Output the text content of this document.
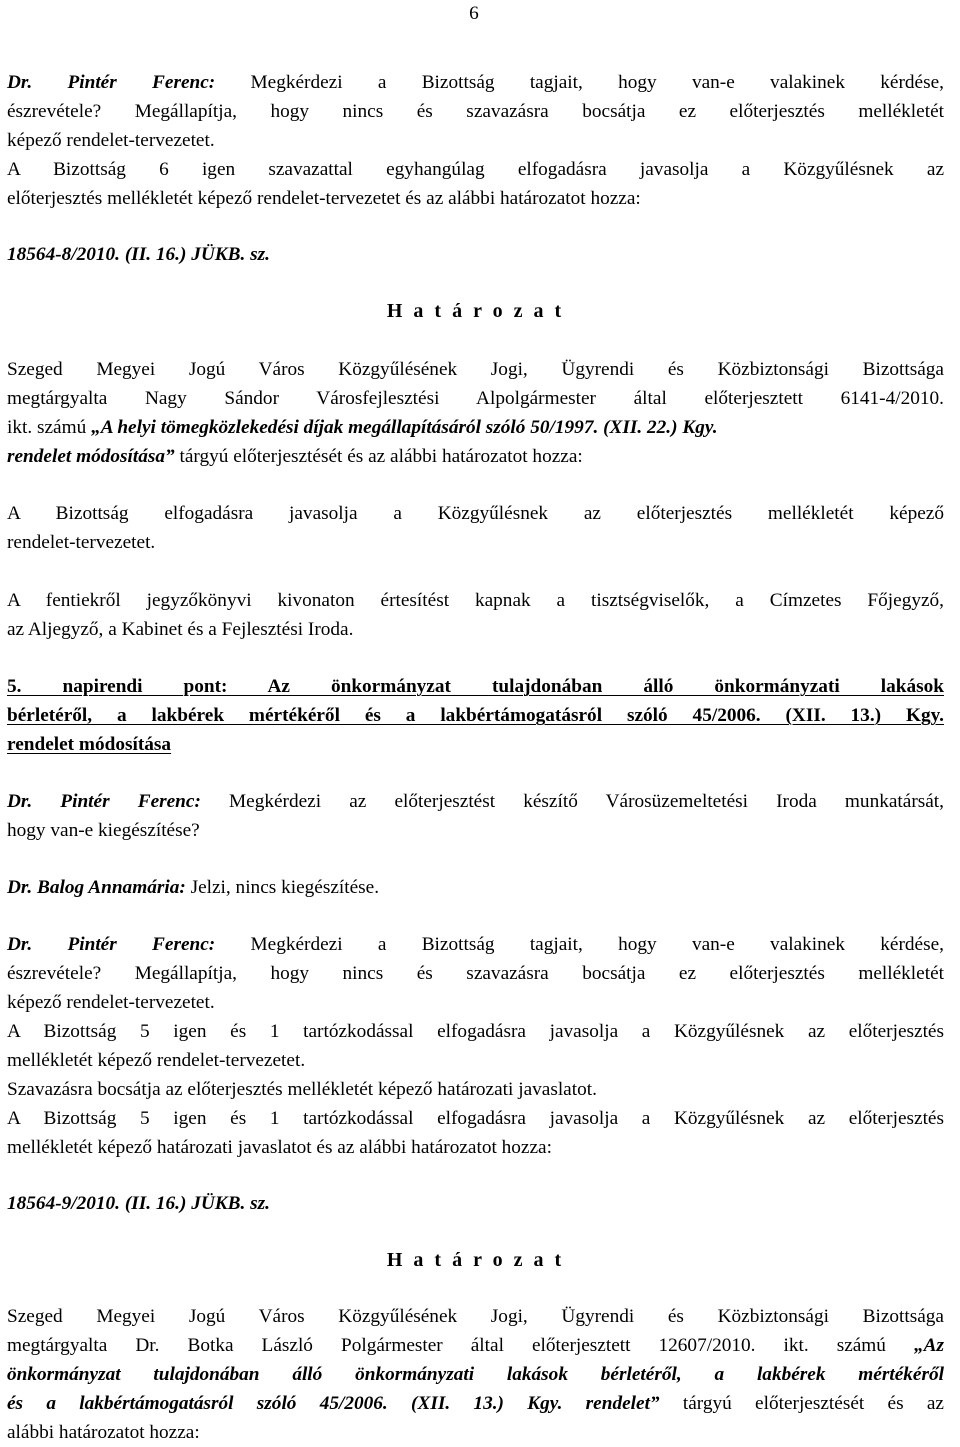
6
Dr. Pintér Ferenc: Megkérdezi a Bizottság tagjait, hogy van-e valakinek kérdése,
észrevétele? Megállapítja, hogy nincs és szavazásra bocsátja ez előterjesztés mellékletét
képező rendelet-tervezetet.
A Bizottság 6 igen szavazattal egyhangúlag elfogadásra javasolja a Közgyűlésnek az
előterjesztés mellékletét képező rendelet-tervezetet és az alábbi határozatot hozza:
18564-8/2010. (II. 16.) JÜKB. sz.
H a t á r o z a t
Szeged Megyei Jogú Város Közgyűlésének Jogi, Ügyrendi és Közbiztonsági Bizottsága
megtárgyalta Nagy Sándor Városfejlesztési Alpolgármester által előterjesztett 6141-4/2010.
ikt. számú „A helyi tömegközlekedési díjak megállapításáról szóló 50/1997. (XII. 22.) Kgy.
rendelet módosítása” tárgyú előterjesztését és az alábbi határozatot hozza:
A Bizottság elfogadásra javasolja a Közgyűlésnek az előterjesztés mellékletét képező
rendelet-tervezetet.
A fentiekről jegyzőkönyvi kivonaton értesítést kapnak a tisztségviselők, a Címzetes Főjegyző,
az Aljegyző, a Kabinet és a Fejlesztési Iroda.
5. napirendi pont: Az önkormányzat tulajdonában álló önkormányzati lakások
bérletéről, a lakbérek mértékéről és a lakbértámogatásról szóló 45/2006. (XII. 13.) Kgy.
rendelet módosítása
Dr. Pintér Ferenc: Megkérdezi az előterjesztést készítő Városüzemeltetési Iroda munkatársát,
hogy van-e kiegészítése?
Dr. Balog Annamária: Jelzi, nincs kiegészítése.
Dr. Pintér Ferenc: Megkérdezi a Bizottság tagjait, hogy van-e valakinek kérdése,
észrevétele? Megállapítja, hogy nincs és szavazásra bocsátja ez előterjesztés mellékletét
képező rendelet-tervezetet.
A Bizottság 5 igen és 1 tartózkodással elfogadásra javasolja a Közgyűlésnek az előterjesztés
mellékletét képező rendelet-tervezetet.
Szavazásra bocsátja az előterjesztés mellékletét képező határozati javaslatot.
A Bizottság 5 igen és 1 tartózkodással elfogadásra javasolja a Közgyűlésnek az előterjesztés
mellékletét képező határozati javaslatot és az alábbi határozatot hozza:
18564-9/2010. (II. 16.) JÜKB. sz.
H a t á r o z a t
Szeged Megyei Jogú Város Közgyűlésének Jogi, Ügyrendi és Közbiztonsági Bizottsága
megtárgyalta Dr. Botka László Polgármester által előterjesztett 12607/2010. ikt. számú „Az
önkormányzat tulajdonában álló önkormányzati lakások bérletéről, a lakbérek mértékéről
és a lakbértámogatásról szóló 45/2006. (XII. 13.) Kgy. rendelet” tárgyú előterjesztését és az
alábbi határozatot hozza:
